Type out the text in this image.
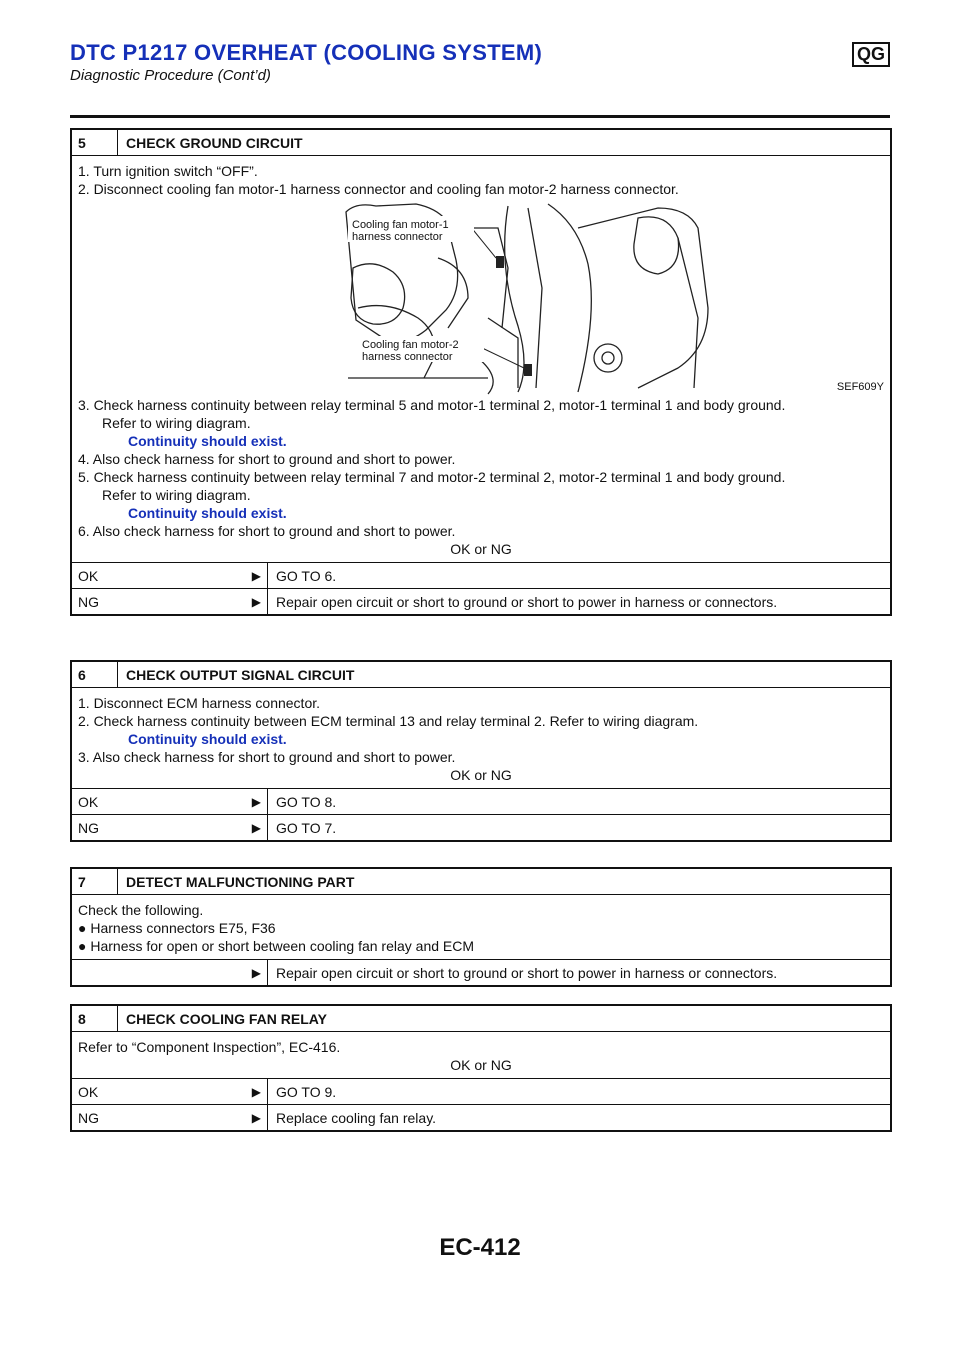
DTC P1217 OVERHEAT (COOLING SYSTEM)
Diagnostic Procedure (Cont’d)
QG
5	CHECK GROUND CIRCUIT

1. Turn ignition switch “OFF”.

2. Disconnect cooling fan motor-1 harness connector and cooling fan motor-2 harness connector.

Cooling fan motor-1
harness connector
Cooling fan motor-2
harness connector
SEF609Y

3. Check harness continuity between relay terminal 5 and motor-1 terminal 2, motor-1 terminal 1 and body ground.

Refer to wiring diagram.

Continuity should exist.

4. Also check harness for short to ground and short to power.

5. Check harness continuity between relay terminal 7 and motor-2 terminal 2, motor-2 terminal 1 and body ground.

Refer to wiring diagram.

Continuity should exist.

6. Also check harness for short to ground and short to power.

OK or NG

OK	▶	GO TO 6.
NG	▶	Repair open circuit or short to ground or short to power in harness or connectors.
6	CHECK OUTPUT SIGNAL CIRCUIT

1. Disconnect ECM harness connector.

2. Check harness continuity between ECM terminal 13 and relay terminal 2. Refer to wiring diagram.

Continuity should exist.

3. Also check harness for short to ground and short to power.

OK or NG

OK	▶	GO TO 8.
NG	▶	GO TO 7.
7	DETECT MALFUNCTIONING PART

Check the following.

● Harness connectors E75, F36

● Harness for open or short between cooling fan relay and ECM

▶	Repair open circuit or short to ground or short to power in harness or connectors.
8	CHECK COOLING FAN RELAY

Refer to “Component Inspection”, EC-416.

OK or NG

OK	▶	GO TO 9.
NG	▶	Replace cooling fan relay.
EC-412
